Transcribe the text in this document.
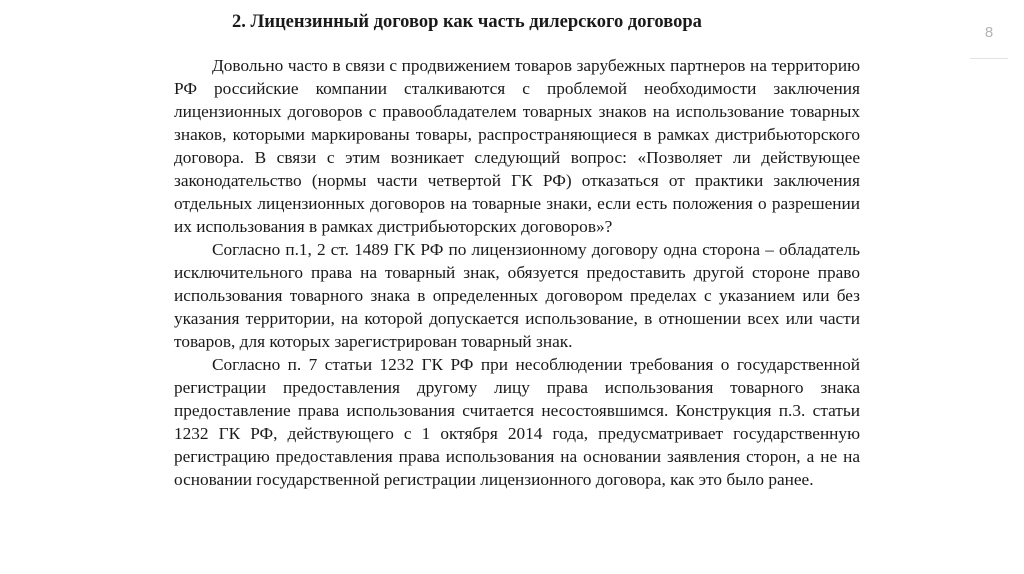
8
2. Лицензинный договор как часть дилерского договора

Довольно часто в связи с продвижением товаров зарубежных партнеров на территорию РФ российские компании сталкиваются с проблемой необходимости заключения лицензионных договоров с правообладателем товарных знаков на использование товарных знаков, которыми маркированы товары, распространяющиеся в рамках дистрибьюторского договора. В связи с этим возникает следующий вопрос: «Позволяет ли действующее законодательство (нормы части четвертой ГК РФ) отказаться от практики заключения отдельных лицензионных договоров на товарные знаки, если есть положения о разрешении их использования в рамках дистрибьюторских договоров»?

Согласно п.1, 2 ст. 1489 ГК РФ по лицензионному договору одна сторона – обладатель исключительного права на товарный знак, обязуется предоставить другой стороне право использования товарного знака в определенных договором пределах с указанием или без указания территории, на которой допускается использование, в отношении всех или части товаров, для которых зарегистрирован товарный знак.

Согласно п. 7 статьи 1232 ГК РФ при несоблюдении требования о государственной регистрации предоставления другому лицу права использования товарного знака предоставление права использования считается несостоявшимся. Конструкция п.3. статьи 1232 ГК РФ, действующего с 1 октября 2014 года, предусматривает государственную регистрацию предоставления права использования на основании заявления сторон, а не на основании государственной регистрации лицензионного договора, как это было ранее.
